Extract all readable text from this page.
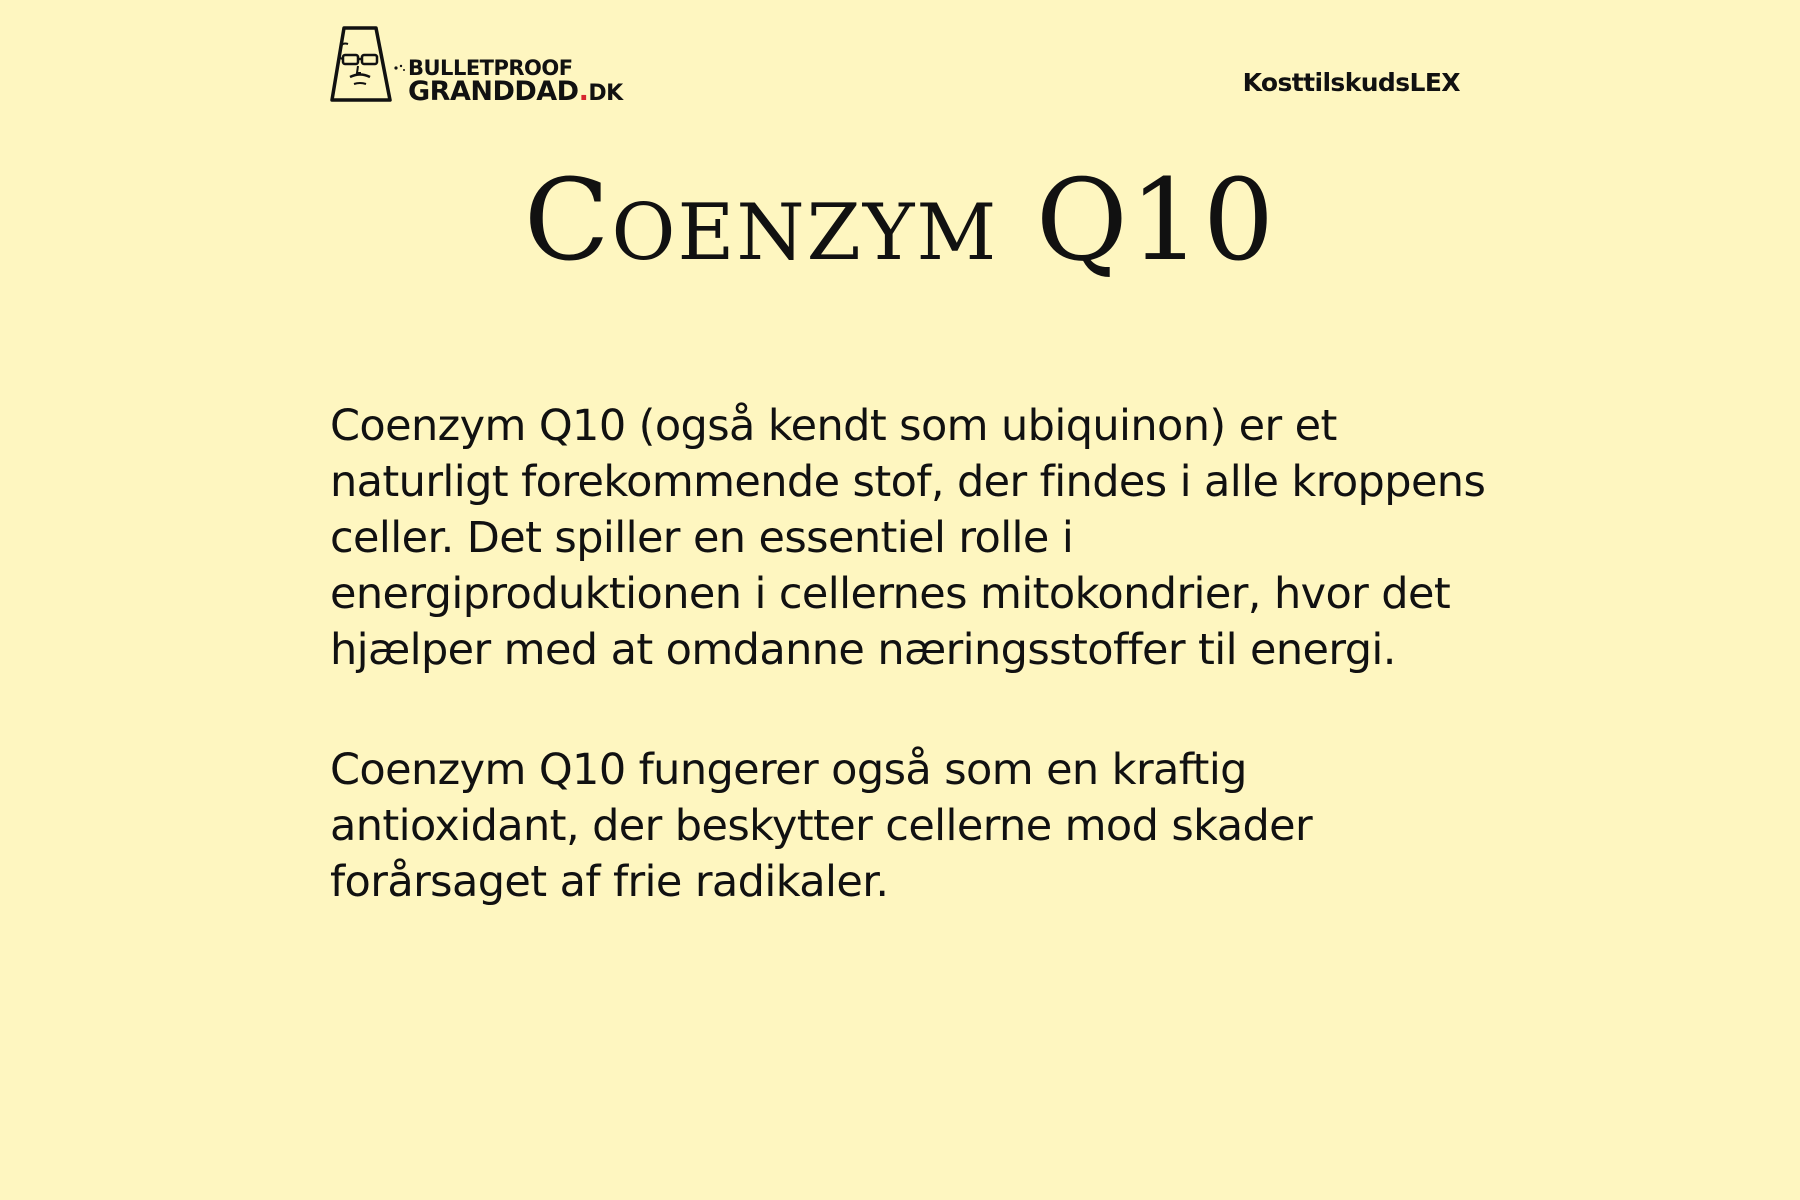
BULLETPROOF
GRANDDAD.DK	KosttilskudsLEX
Coenzym Q10

Coenzym Q10 (også kendt som ubiquinon) er et naturligt forekommende stof, der findes i alle kroppens celler. Det spiller en essentiel rolle i energiproduktionen i cellernes mitokondrier, hvor det hjælper med at omdanne næringsstoffer til energi.

Coenzym Q10 fungerer også som en kraftig antioxidant, der beskytter cellerne mod skader forårsaget af frie radikaler.
